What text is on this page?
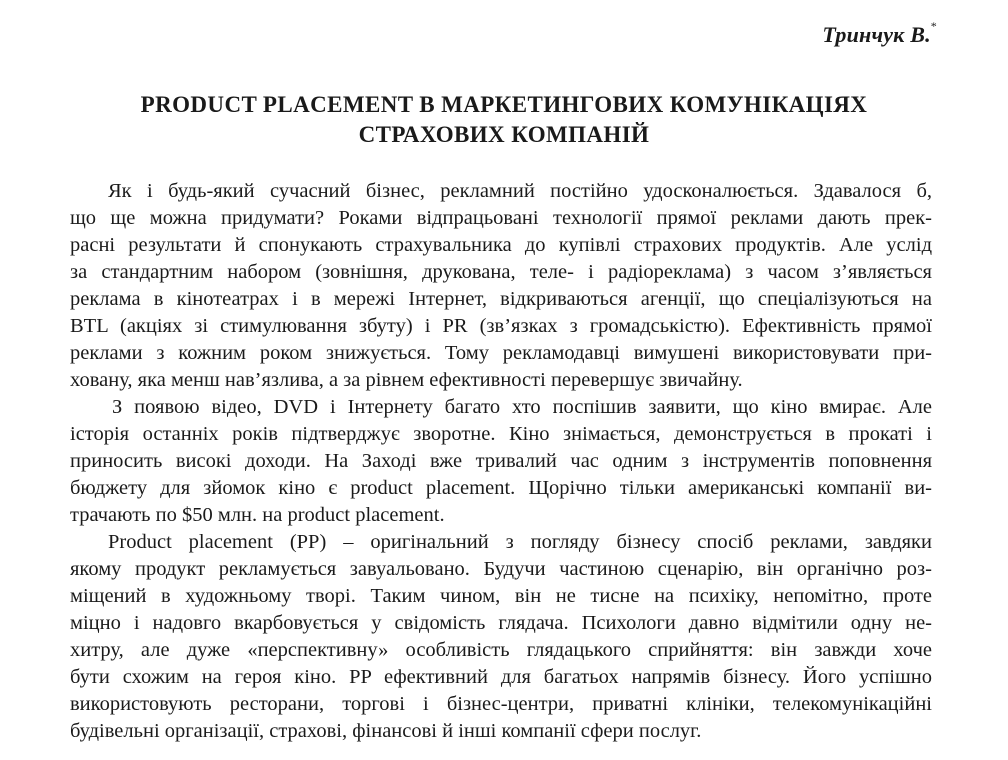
Тринчук В.*
PRODUCT PLACEMENT В МАРКЕТИНГОВИХ КОМУНІКАЦІЯХ
СТРАХОВИХ КОМПАНІЙ
Як і будь-який сучасний бізнес, рекламний постійно удосконалюється. Здавалося б,
що ще можна придумати? Роками відпрацьовані технології прямої реклами дають прек-
расні результати й спонукають страхувальника до купівлі страхових продуктів. Але услід
за стандартним набором (зовнішня, друкована, теле- і радіореклама) з часом з’являється
реклама в кінотеатрах і в мережі Інтернет, відкриваються агенції, що спеціалізуються на
BTL (акціях зі стимулювання збуту) і PR (зв’язках з громадськістю). Ефективність прямої
реклами з кожним роком знижується. Тому рекламодавці вимушені використовувати при-
ховану, яка менш нав’язлива, а за рівнем ефективності перевершує звичайну.
З появою відео, DVD і Інтернету багато хто поспішив заявити, що кіно вмирає. Але
історія останніх років підтверджує зворотне. Кіно знімається, демонструється в прокаті і
приносить високі доходи. На Заході вже тривалий час одним з інструментів поповнення
бюджету для зйомок кіно є product placement. Щорічно тільки американські компанії ви-
трачають по $50 млн. на product placement.
Product placement (PP) – оригінальний з погляду бізнесу спосіб реклами, завдяки
якому продукт рекламується завуальовано. Будучи частиною сценарію, він органічно роз-
міщений в художньому творі. Таким чином, він не тисне на психіку, непомітно, проте
міцно і надовго вкарбовується у свідомість глядача. Психологи давно відмітили одну не-
хитру, але дуже «перспективну» особливість глядацького сприйняття: він завжди хоче
бути схожим на героя кіно. PP ефективний для багатьох напрямів бізнесу. Його успішно
використовують ресторани, торгові і бізнес-центри, приватні клініки, телекомунікаційні
будівельні організації, страхові, фінансові й інші компанії сфери послуг.
